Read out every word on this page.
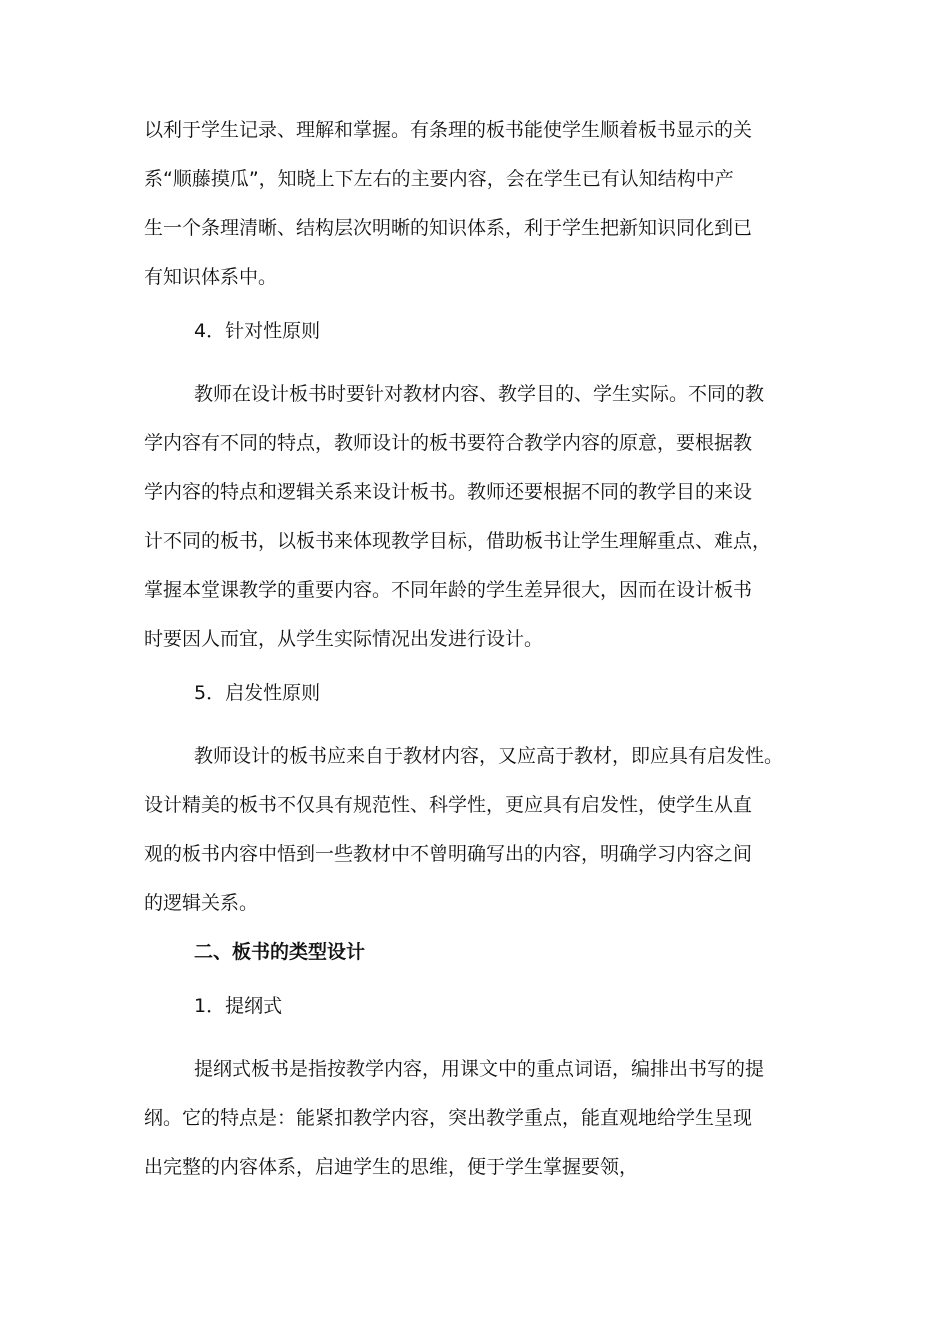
以利于学生记录、理解和掌握。有条理的板书能使学生顺着板书显示的关
系“顺藤摸瓜”，知晓上下左右的主要内容，会在学生已有认知结构中产
生一个条理清晰、结构层次明晰的知识体系，利于学生把新知识同化到已
有知识体系中。
4．针对性原则
教师在设计板书时要针对教材内容、教学目的、学生实际。不同的教
学内容有不同的特点，教师设计的板书要符合教学内容的原意，要根据教
学内容的特点和逻辑关系来设计板书。教师还要根据不同的教学目的来设
计不同的板书，以板书来体现教学目标，借助板书让学生理解重点、难点，
掌握本堂课教学的重要内容。不同年龄的学生差异很大，因而在设计板书
时要因人而宜，从学生实际情况出发进行设计。
5．启发性原则
教师设计的板书应来自于教材内容，又应高于教材，即应具有启发性。
设计精美的板书不仅具有规范性、科学性，更应具有启发性，使学生从直
观的板书内容中悟到一些教材中不曾明确写出的内容，明确学习内容之间
的逻辑关系。
二、板书的类型设计
1．提纲式
提纲式板书是指按教学内容，用课文中的重点词语，编排出书写的提
纲。它的特点是：能紧扣教学内容，突出教学重点，能直观地给学生呈现
出完整的内容体系，启迪学生的思维，便于学生掌握要领，
